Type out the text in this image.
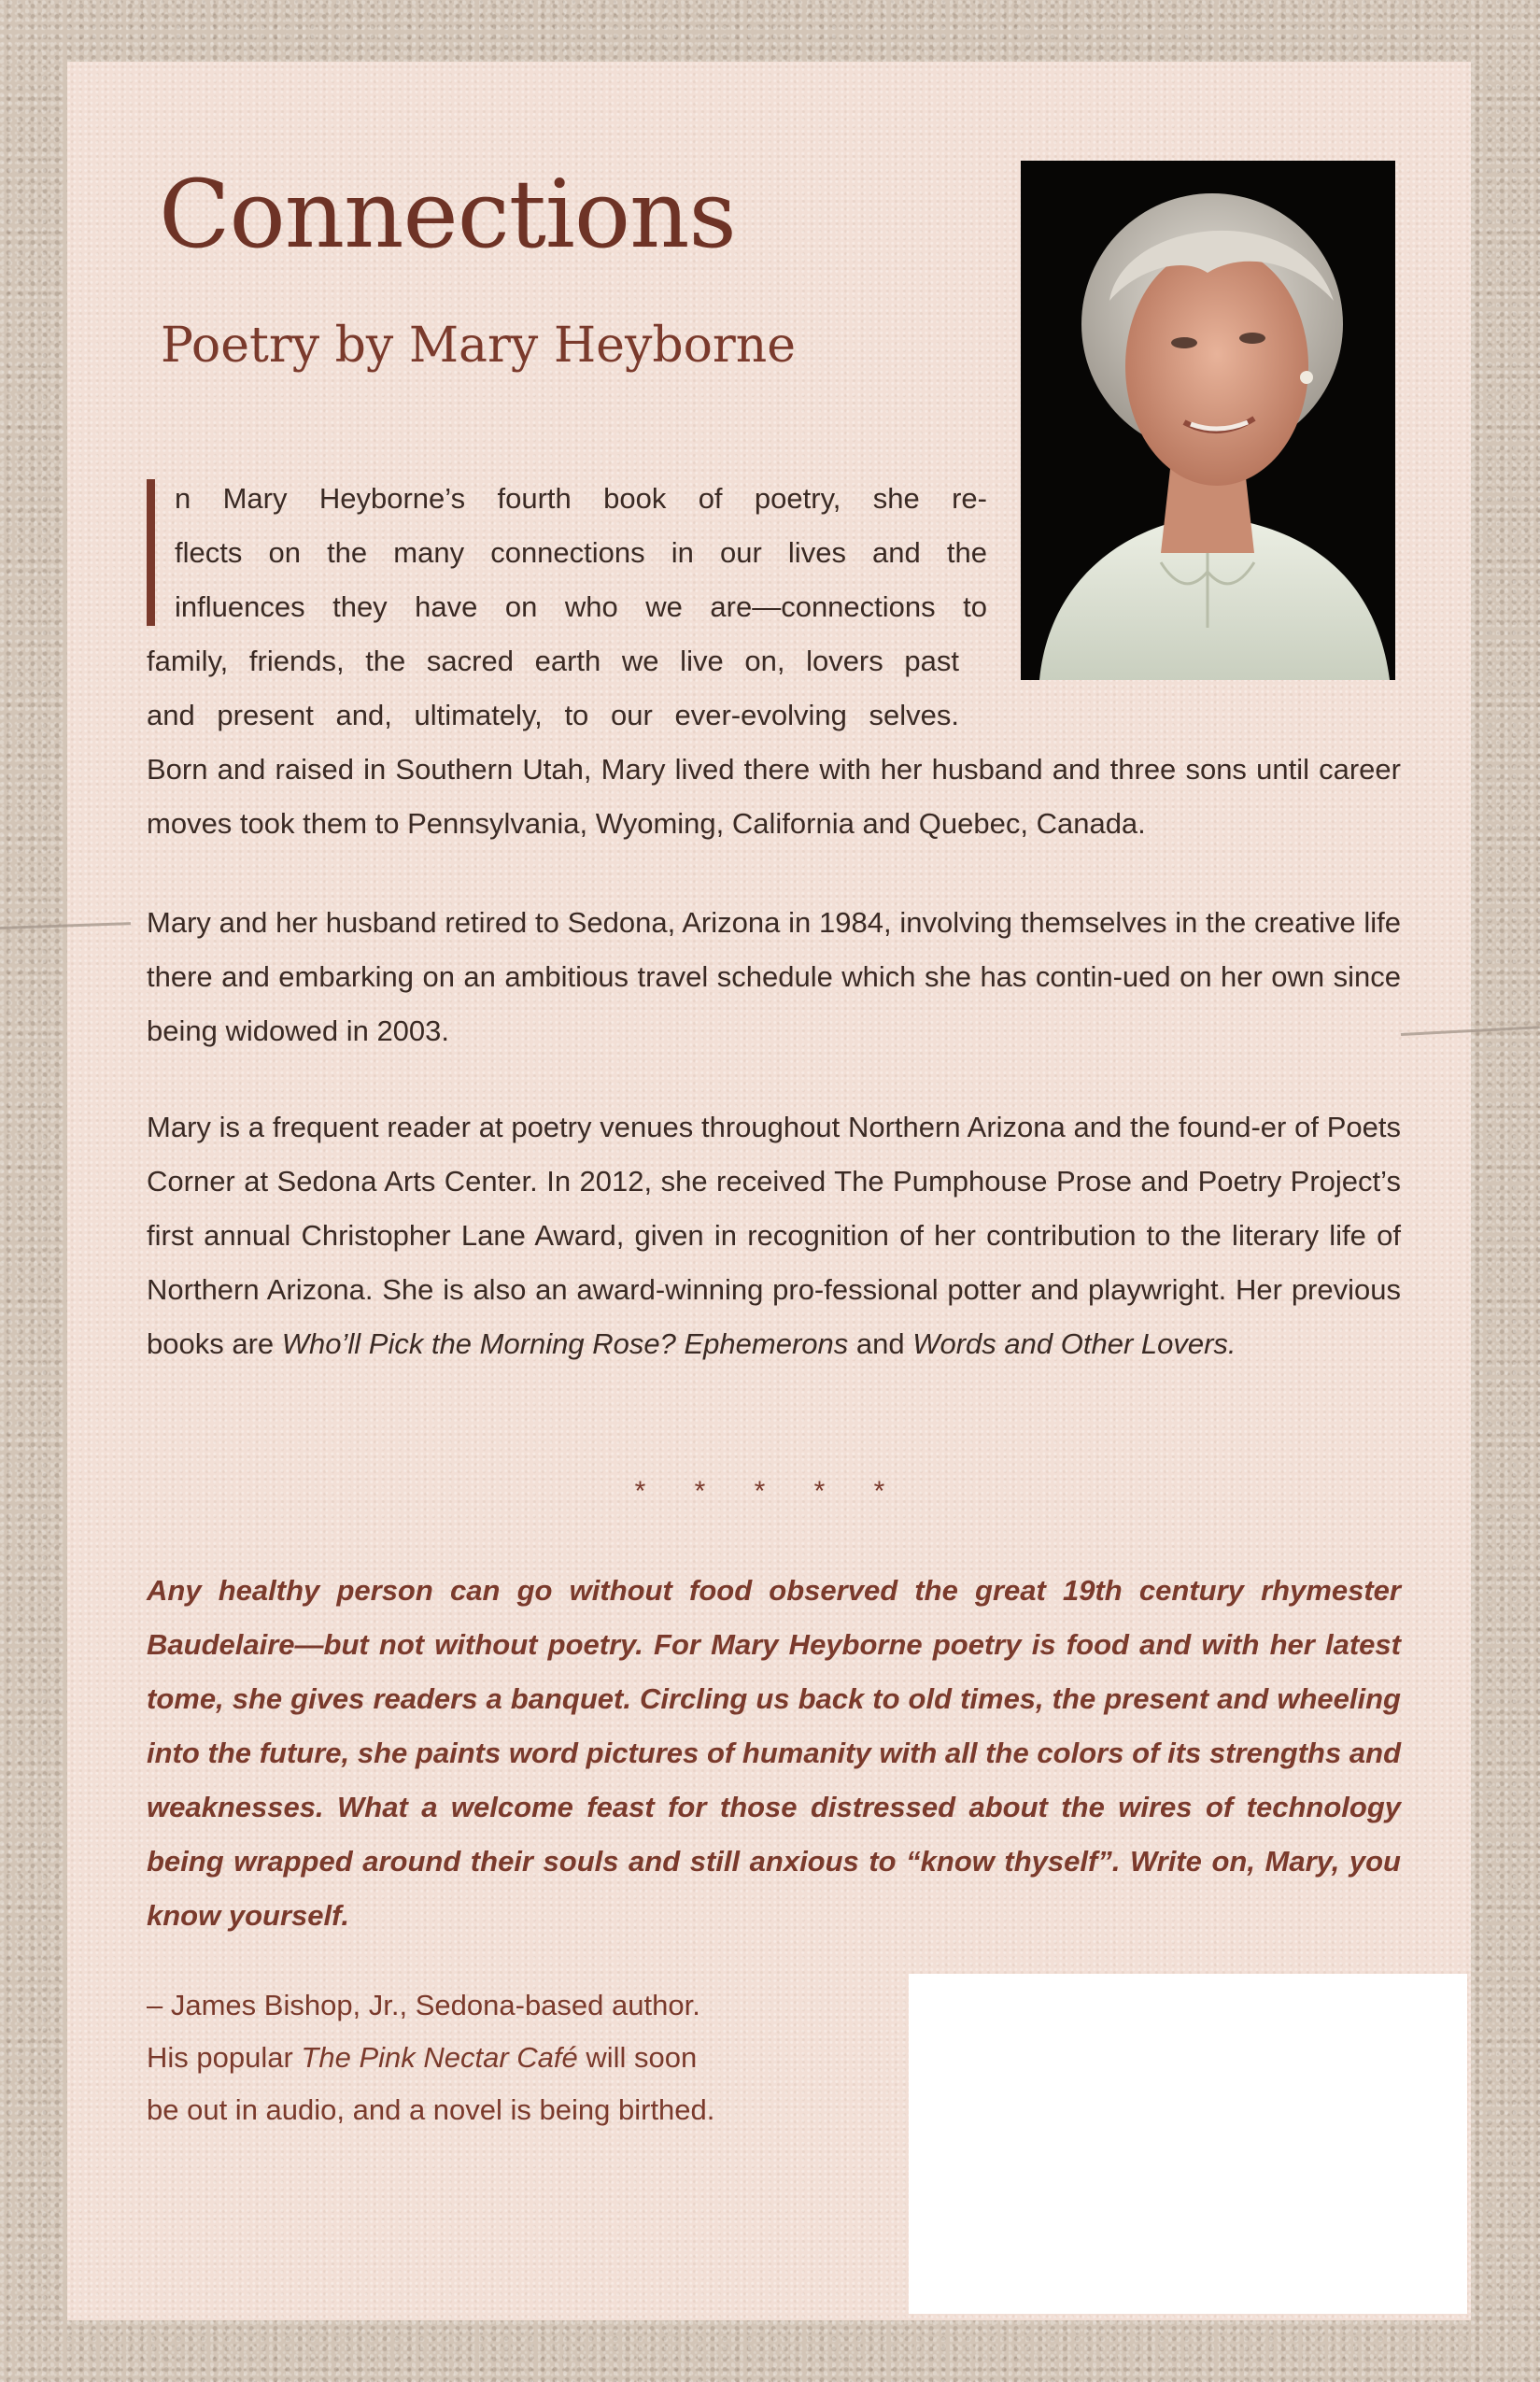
Connections
Poetry by Mary Heyborne

n Mary Heyborne’s fourth book of poetry, she re-

flects on the many connections in our lives and the

influences they have on who we are—connections to

family, friends, the sacred earth we live on, lovers past

and present and, ultimately, to our ever-evolving selves.

Born and raised in Southern Utah, Mary lived there with her husband and three sons until career moves took them to Pennsylvania, Wyoming, California and Quebec, Canada.

Mary and her husband retired to Sedona, Arizona in 1984, involving themselves in the creative life there and embarking on an ambitious travel schedule which she has contin-ued on her own since being widowed in 2003.

Mary is a frequent reader at poetry venues throughout Northern Arizona and the found-er of Poets Corner at Sedona Arts Center. In 2012, she received The Pumphouse Prose and Poetry Project’s first annual Christopher Lane Award, given in recognition of her contribution to the literary life of Northern Arizona. She is also an award-winning pro-fessional potter and playwright. Her previous books are Who’ll Pick the Morning Rose? Ephemerons and Words and Other Lovers.

* * * * *

Any healthy person can go without food observed the great 19th century rhymester Baudelaire—but not without poetry. For Mary Heyborne poetry is food and with her latest tome, she gives readers a banquet. Circling us back to old times, the present and wheeling into the future, she paints word pictures of humanity with all the colors of its strengths and weaknesses. What a welcome feast for those distressed about the wires of technology being wrapped around their souls and still anxious to “know thyself”. Write on, Mary, you know yourself.

– James Bishop, Jr., Sedona-based author.
His popular The Pink Nectar Café will soon
be out in audio, and a novel is being birthed.
